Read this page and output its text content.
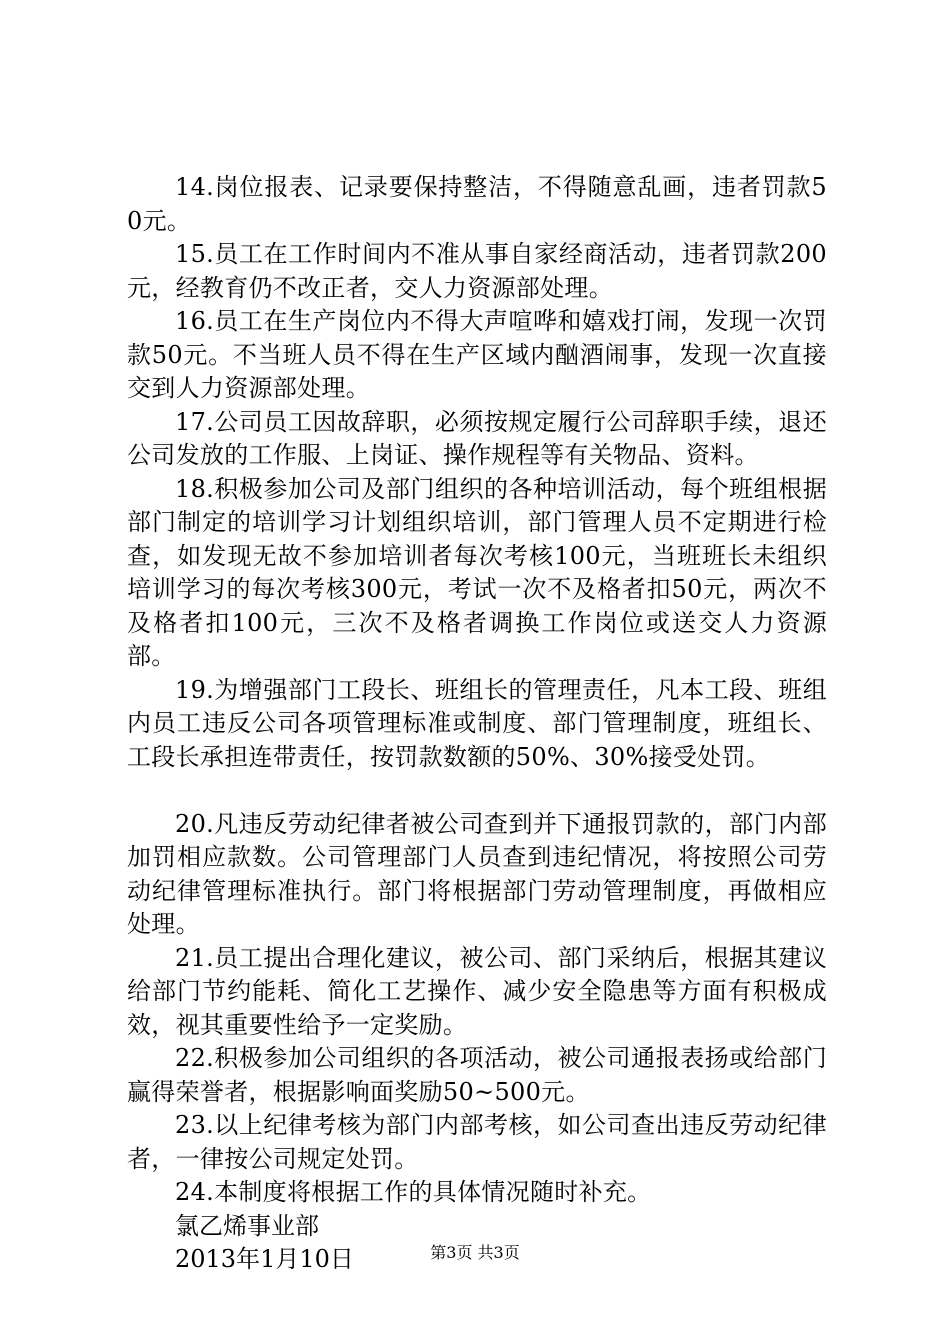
14.岗位报表、记录要保持整洁，不得随意乱画，违者罚款50元。

15.员工在工作时间内不准从事自家经商活动，违者罚款200元，经教育仍不改正者，交人力资源部处理。

16.员工在生产岗位内不得大声喧哗和嬉戏打闹，发现一次罚款50元。不当班人员不得在生产区域内酗酒闹事，发现一次直接交到人力资源部处理。

17.公司员工因故辞职，必须按规定履行公司辞职手续，退还公司发放的工作服、上岗证、操作规程等有关物品、资料。

18.积极参加公司及部门组织的各种培训活动，每个班组根据部门制定的培训学习计划组织培训，部门管理人员不定期进行检查，如发现无故不参加培训者每次考核100元，当班班长未组织培训学习的每次考核300元，考试一次不及格者扣50元，两次不及格者扣100元，三次不及格者调换工作岗位或送交人力资源部。

19.为增强部门工段长、班组长的管理责任，凡本工段、班组内员工违反公司各项管理标准或制度、部门管理制度，班组长、工段长承担连带责任，按罚款数额的50%、30%接受处罚。

20.凡违反劳动纪律者被公司查到并下通报罚款的，部门内部加罚相应款数。公司管理部门人员查到违纪情况，将按照公司劳动纪律管理标准执行。部门将根据部门劳动管理制度，再做相应处理。

21.员工提出合理化建议，被公司、部门采纳后，根据其建议给部门节约能耗、简化工艺操作、减少安全隐患等方面有积极成效，视其重要性给予一定奖励。

22.积极参加公司组织的各项活动，被公司通报表扬或给部门赢得荣誉者，根据影响面奖励50~500元。

23.以上纪律考核为部门内部考核，如公司查出违反劳动纪律者，一律按公司规定处罚。

24.本制度将根据工作的具体情况随时补充。

氯乙烯事业部

2013年1月10日	第3页 共3页
